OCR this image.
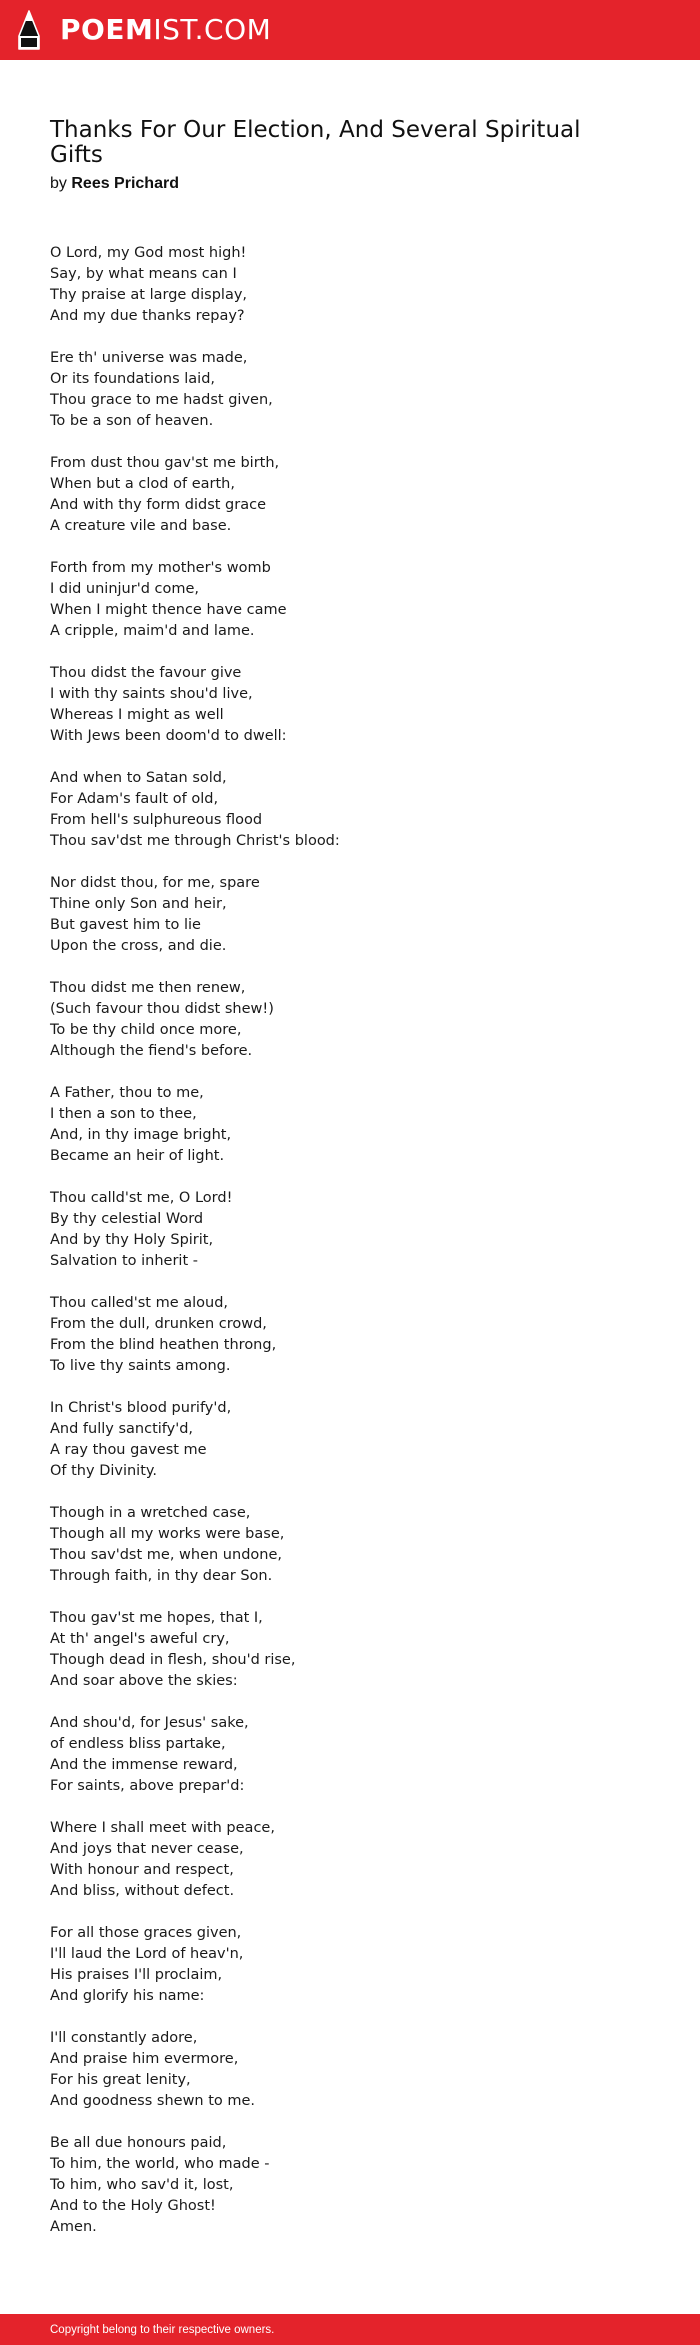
POEMIST.COM
Thanks For Our Election, And Several Spiritual Gifts
by Rees Prichard
O Lord, my God most high!
Say, by what means can I
Thy praise at large display,
And my due thanks repay?
Ere th' universe was made,
Or its foundations laid,
Thou grace to me hadst given,
To be a son of heaven.
From dust thou gav'st me birth,
When but a clod of earth,
And with thy form didst grace
A creature vile and base.
Forth from my mother's womb
I did uninjur'd come,
When I might thence have came
A cripple, maim'd and lame.
Thou didst the favour give
I with thy saints shou'd live,
Whereas I might as well
With Jews been doom'd to dwell:
And when to Satan sold,
For Adam's fault of old,
From hell's sulphureous flood
Thou sav'dst me through Christ's blood:
Nor didst thou, for me, spare
Thine only Son and heir,
But gavest him to lie
Upon the cross, and die.
Thou didst me then renew,
(Such favour thou didst shew!)
To be thy child once more,
Although the fiend's before.
A Father, thou to me,
I then a son to thee,
And, in thy image bright,
Became an heir of light.
Thou calld'st me, O Lord!
By thy celestial Word
And by thy Holy Spirit,
Salvation to inherit -
Thou called'st me aloud,
From the dull, drunken crowd,
From the blind heathen throng,
To live thy saints among.
In Christ's blood purify'd,
And fully sanctify'd,
A ray thou gavest me
Of thy Divinity.
Though in a wretched case,
Though all my works were base,
Thou sav'dst me, when undone,
Through faith, in thy dear Son.
Thou gav'st me hopes, that I,
At th' angel's aweful cry,
Though dead in flesh, shou'd rise,
And soar above the skies:
And shou'd, for Jesus' sake,
of endless bliss partake,
And the immense reward,
For saints, above prepar'd:
Where I shall meet with peace,
And joys that never cease,
With honour and respect,
And bliss, without defect.
For all those graces given,
I'll laud the Lord of heav'n,
His praises I'll proclaim,
And glorify his name:
I'll constantly adore,
And praise him evermore,
For his great lenity,
And goodness shewn to me.
Be all due honours paid,
To him, the world, who made -
To him, who sav'd it, lost,
And to the Holy Ghost!
Amen.
Copyright belong to their respective owners.
